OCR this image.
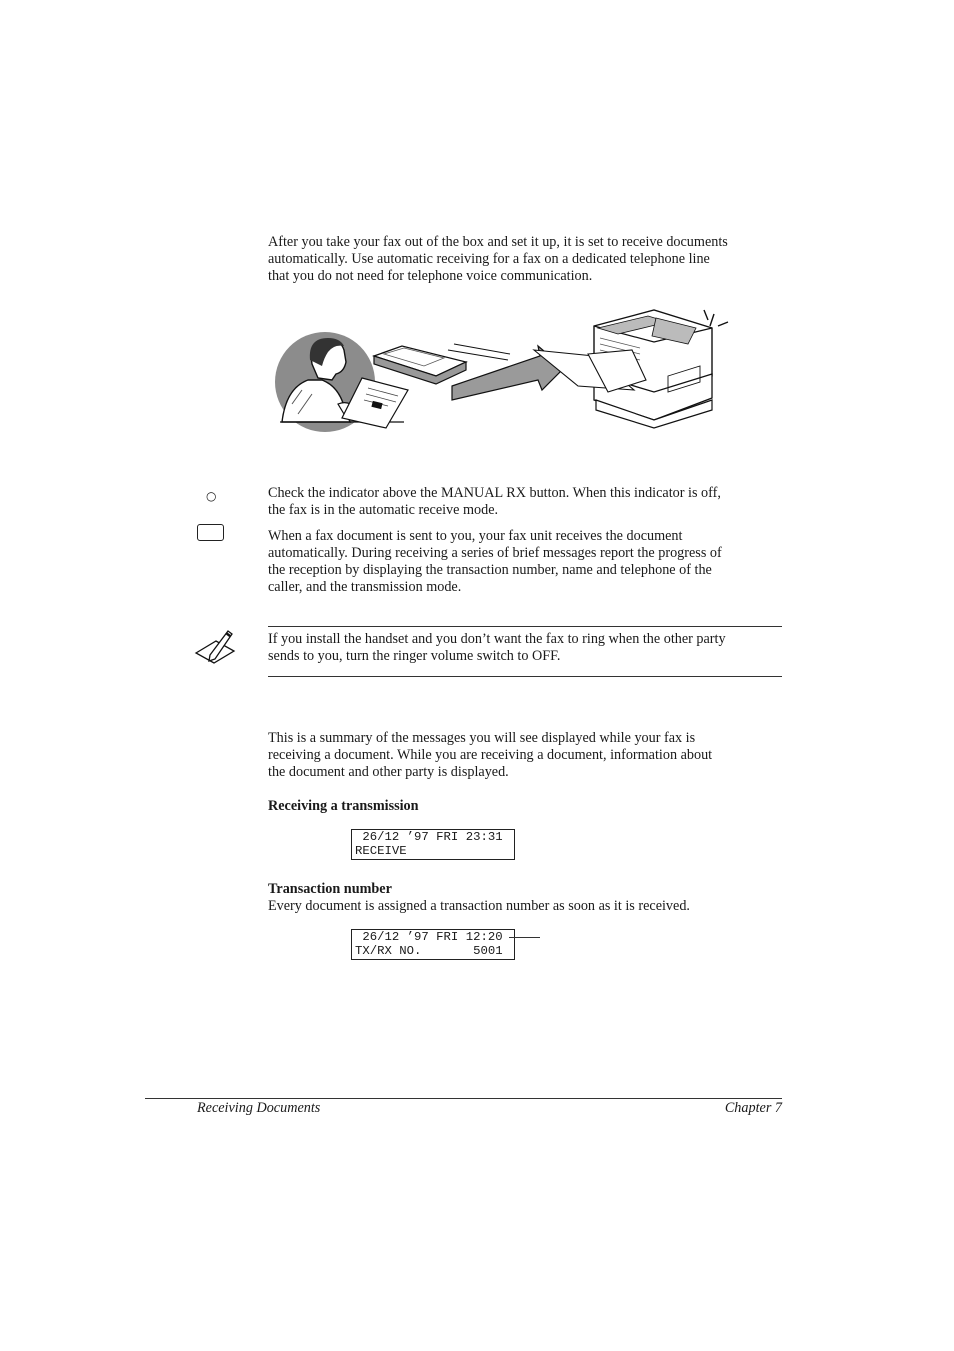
After you take your fax out of the box and set it up, it is set to receive documents

automatically. Use automatic receiving for a fax on a dedicated telephone line

that you do not need for telephone voice communication.

○	Check the indicator above the MANUAL RX button. When this indicator is off,

the fax is in the automatic receive mode.

When a fax document is sent to you, your fax unit receives the document

automatically. During receiving a series of brief messages report the progress of

the reception by displaying the transaction number, name and telephone of the

caller, and the transmission mode.

If you install the handset and you don’t want the fax to ring when the other party

sends to you, turn the ringer volume switch to OFF.

This is a summary of the messages you will see displayed while your fax is

receiving a document. While you are receiving a document, information about

the document and other party is displayed.

Receiving a transmission
26/12 ’97 FRI 23:31
RECEIVE
Transaction number
Every document is assigned a transaction number as soon as it is received.
26/12 ’97 FRI 12:20
TX/RX NO.       5001
Receiving Documents	Chapter 7
